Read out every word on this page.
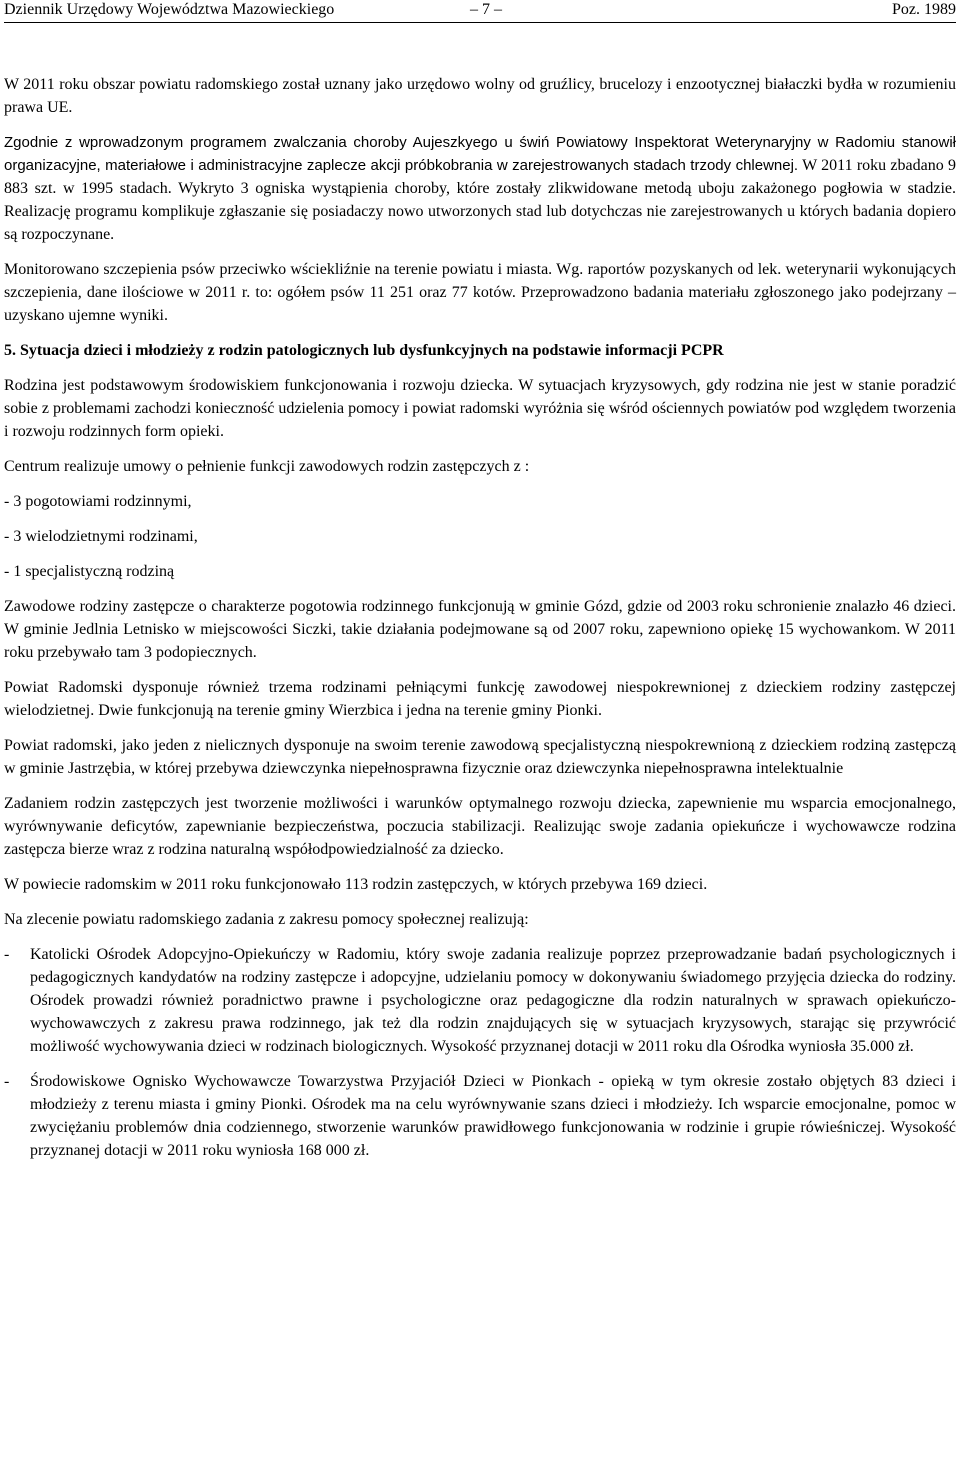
Dziennik Urzędowy Województwa Mazowieckiego	– 7 –	Poz. 1989

W 2011 roku obszar powiatu radomskiego został uznany jako urzędowo wolny od gruźlicy, brucelozy i enzootycznej białaczki bydła w rozumieniu prawa UE.

Zgodnie z wprowadzonym programem zwalczania choroby Aujeszkyego u świń Powiatowy Inspektorat Weterynaryjny w Radomiu stanowił organizacyjne, materiałowe i administracyjne zaplecze akcji próbkobrania w zarejestrowanych stadach trzody chlewnej. W 2011 roku zbadano 9 883 szt. w 1995 stadach. Wykryto 3 ogniska wystąpienia choroby, które zostały zlikwidowane metodą uboju zakażonego pogłowia w stadzie. Realizację programu komplikuje zgłaszanie się posiadaczy nowo utworzonych stad lub dotychczas nie zarejestrowanych u których badania dopiero są rozpoczynane.

Monitorowano szczepienia psów przeciwko wściekliźnie na terenie powiatu i miasta. Wg. raportów pozyskanych od lek. weterynarii wykonujących szczepienia, dane ilościowe w 2011 r. to: ogółem psów 11 251 oraz 77 kotów. Przeprowadzono badania materiału zgłoszonego jako podejrzany – uzyskano ujemne wyniki.

5. Sytuacja dzieci i młodzieży z rodzin patologicznych lub dysfunkcyjnych na podstawie informacji PCPR

Rodzina jest podstawowym środowiskiem funkcjonowania i rozwoju dziecka. W sytuacjach kryzysowych, gdy rodzina nie jest w stanie poradzić sobie z problemami zachodzi konieczność udzielenia pomocy i powiat radomski wyróżnia się wśród ościennych powiatów pod względem tworzenia i rozwoju rodzinnych form opieki.

Centrum realizuje umowy o pełnienie funkcji zawodowych rodzin zastępczych z :

- 3 pogotowiami rodzinnymi,
- 3 wielodzietnymi rodzinami,
- 1 specjalistyczną rodziną

Zawodowe rodziny zastępcze o charakterze pogotowia rodzinnego funkcjonują w gminie Gózd, gdzie od 2003 roku schronienie znalazło 46 dzieci. W gminie Jedlnia Letnisko w miejscowości Siczki, takie działania podejmowane są od 2007 roku, zapewniono opiekę 15 wychowankom. W 2011 roku przebywało tam 3 podopiecznych.

Powiat Radomski dysponuje również trzema rodzinami pełniącymi funkcję zawodowej niespokrewnionej z dzieckiem rodziny zastępczej wielodzietnej. Dwie funkcjonują na terenie gminy Wierzbica i jedna na terenie gminy Pionki.

Powiat radomski, jako jeden z nielicznych dysponuje na swoim terenie zawodową specjalistyczną niespokrewnioną z dzieckiem rodziną zastępczą w gminie Jastrzębia, w której przebywa dziewczynka niepełnosprawna fizycznie oraz dziewczynka niepełnosprawna intelektualnie

Zadaniem rodzin zastępczych jest tworzenie możliwości i warunków optymalnego rozwoju dziecka, zapewnienie mu wsparcia emocjonalnego, wyrównywanie deficytów, zapewnianie bezpieczeństwa, poczucia stabilizacji. Realizując swoje zadania opiekuńcze i wychowawcze rodzina zastępcza bierze wraz z rodzina naturalną współodpowiedzialność za dziecko.

W powiecie radomskim w 2011 roku funkcjonowało 113 rodzin zastępczych, w których przebywa 169 dzieci.

Na zlecenie powiatu radomskiego zadania z zakresu pomocy społecznej realizują:

-	Katolicki Ośrodek Adopcyjno-Opiekuńczy w Radomiu, który swoje zadania realizuje poprzez przeprowadzanie badań psychologicznych i pedagogicznych kandydatów na rodziny zastępcze i adopcyjne, udzielaniu pomocy w dokonywaniu świadomego przyjęcia dziecka do rodziny. Ośrodek prowadzi również poradnictwo prawne i psychologiczne oraz pedagogiczne dla rodzin naturalnych w sprawach opiekuńczo-wychowawczych z zakresu prawa rodzinnego, jak też dla rodzin znajdujących się w sytuacjach kryzysowych, starając się przywrócić możliwość wychowywania dzieci w rodzinach biologicznych. Wysokość przyznanej dotacji w 2011 roku dla Ośrodka wyniosła 35.000 zł.
-	Środowiskowe Ognisko Wychowawcze Towarzystwa Przyjaciół Dzieci w Pionkach - opieką w tym okresie zostało objętych 83 dzieci i młodzieży z terenu miasta i gminy Pionki. Ośrodek ma na celu wyrównywanie szans dzieci i młodzieży. Ich wsparcie emocjonalne, pomoc w zwyciężaniu problemów dnia codziennego, stworzenie warunków prawidłowego funkcjonowania w rodzinie i grupie rówieśniczej. Wysokość przyznanej dotacji w 2011 roku wyniosła 168 000 zł.
